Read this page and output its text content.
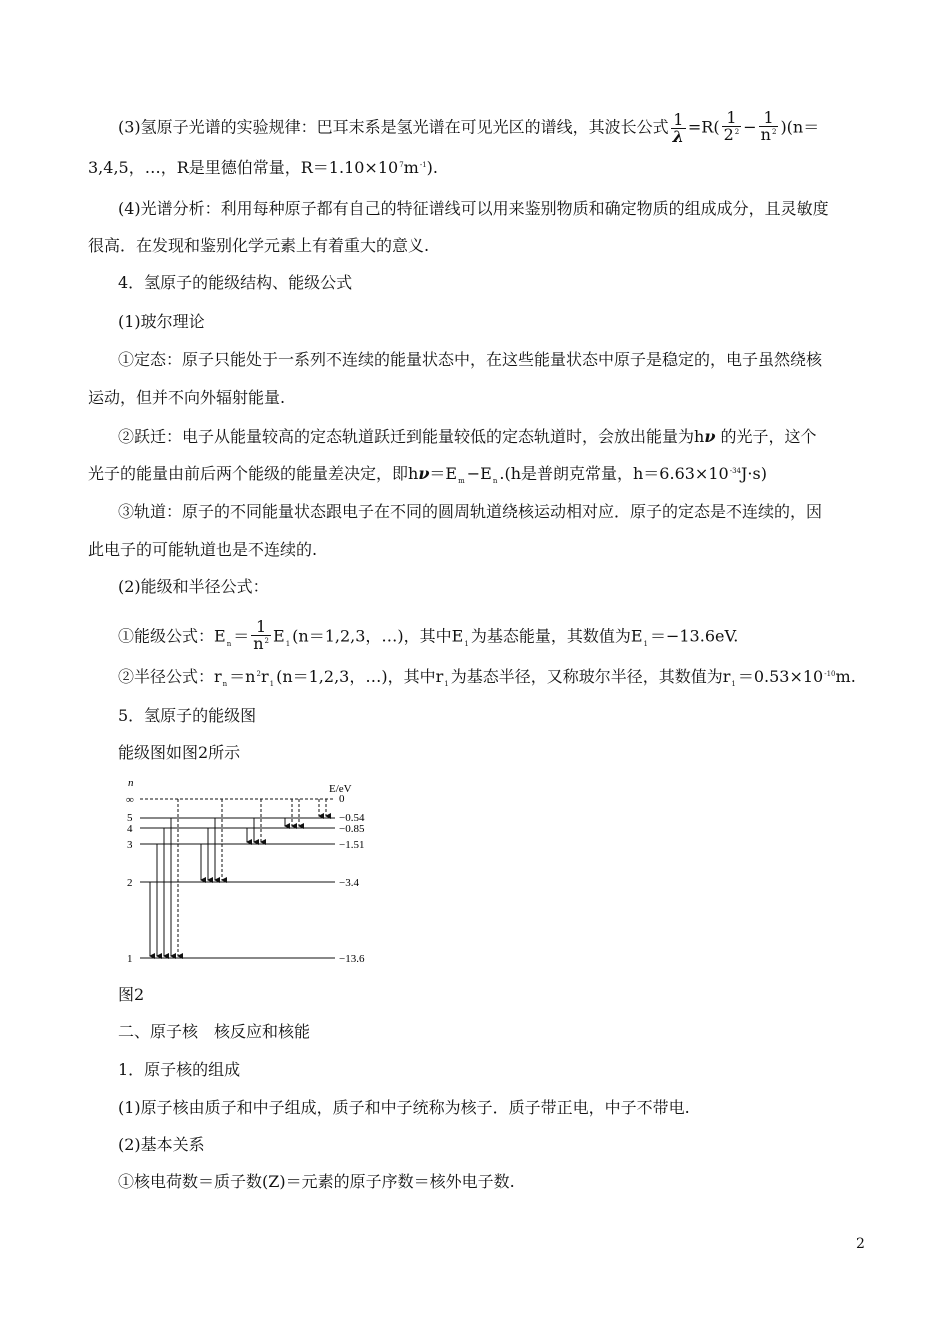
(3)氢原子光谱的实验规律：巴耳末系是氢光谱在可见光区的谱线，其波长公式 $\frac{1}{\lambda} =R( \frac{1}{2^2} - \frac{1}{n^2} )(n=$
3,4,5，…，R是里德伯常量，$R=1.10\times 10^7m^{-1}$).
(4)光谱分析：利用每种原子都有自己的特征谱线可以用来鉴别物质和确定物质的组成成分，且灵敏度
很高．在发现和鉴别化学元素上有着重大的意义.
4．氢原子的能级结构、能级公式
(1)玻尔理论
①定态：原子只能处于一系列不连续的能量状态中，在这些能量状态中原子是稳定的，电子虽然绕核
运动，但并不向外辐射能量.
②跃迁：电子从能量较高的定态轨道跃迁到能量较低的定态轨道时，会放出能量为hν 的光子，这个
光子的能量由前后两个能级的能量差决定，即$h\nu=E_m -E_n$ .(h是普朗克常量，$h=6.63\times 10^{-34}J\cdot s$)
③轨道：原子的不同能量状态跟电子在不同的圆周轨道绕核运动相对应．原子的定态是不连续的，因
此电子的可能轨道也是不连续的.
(2)能级和半径公式：
①能级公式：$E_n = \frac{1}{n^2} E_1$ (n＝1,2,3，…)，其中$E_1$ 为基态能量，其数值为$E_1 =-13.6eV$.
②半径公式：$r_n =n^2r_1$ (n＝1,2,3，…)，其中$r_1$ 为基态半径，又称玻尔半径，其数值为$r_1 =0.53\times 10^{-10}m$.
5．氢原子的能级图
能级图如图2所示
n	E/eV
∞
5
4
3
2
1
0
−0.54
−0.85
−1.51
−3.4
−13.6
图2
二、原子核　核反应和核能
1．原子核的组成
(1)原子核由质子和中子组成，质子和中子统称为核子．质子带正电，中子不带电.
(2)基本关系
①核电荷数＝质子数(Z)＝元素的原子序数＝核外电子数.
2
